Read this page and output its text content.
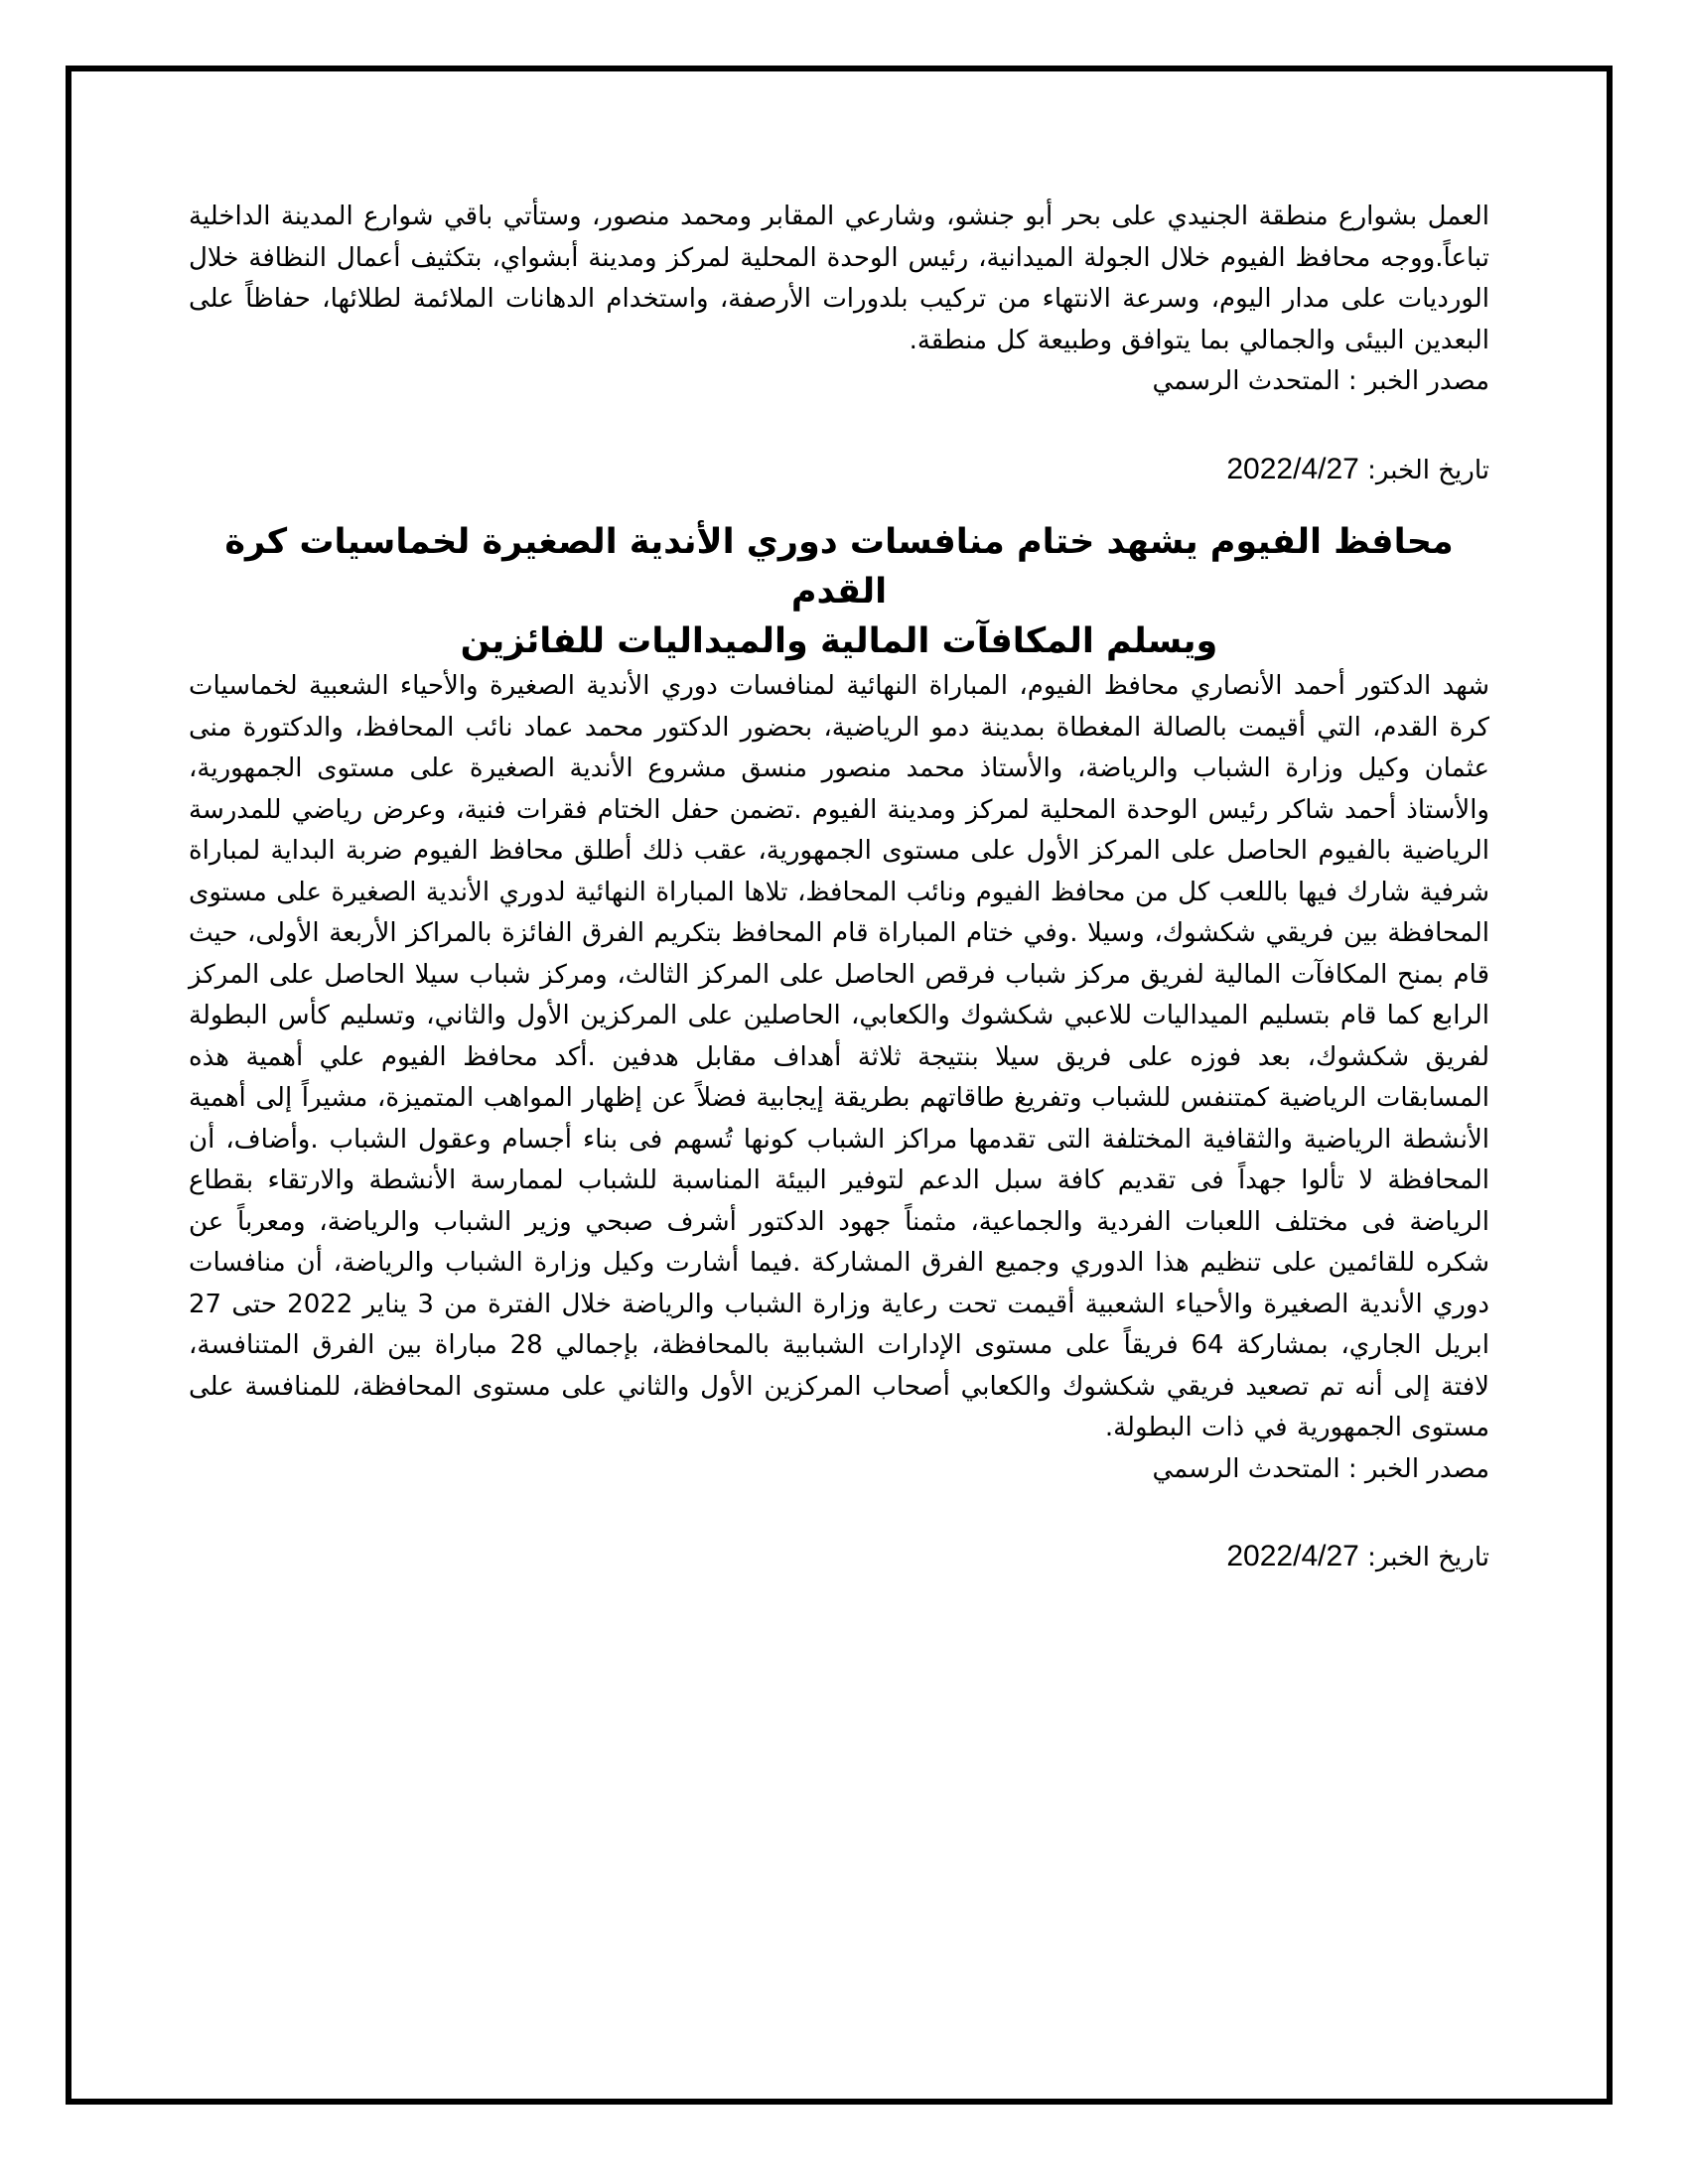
العمل بشوارع منطقة الجنيدي على بحر أبو جنشو، وشارعي المقابر ومحمد منصور، وستأتي باقي شوارع المدينة الداخلية تباعاً.ووجه محافظ الفيوم خلال الجولة الميدانية، رئيس الوحدة المحلية لمركز ومدينة أبشواي، بتكثيف أعمال النظافة خلال الورديات على مدار اليوم، وسرعة الانتهاء من تركيب بلدورات الأرصفة، واستخدام الدهانات الملائمة لطلائها، حفاظاً على البعدين البيئى والجمالي بما يتوافق وطبيعة كل منطقة.

مصدر الخبر : المتحدث الرسمي

تاريخ الخبر: 2022/4/27

محافظ الفيوم يشهد ختام منافسات دوري الأندية الصغيرة لخماسيات كرة القدم
ويسلم المكافآت المالية والميداليات للفائزين

شهد الدكتور أحمد الأنصاري محافظ الفيوم، المباراة النهائية لمنافسات دوري الأندية الصغيرة والأحياء الشعبية لخماسيات كرة القدم، التي أقيمت بالصالة المغطاة بمدينة دمو الرياضية، بحضور الدكتور محمد عماد نائب المحافظ، والدكتورة منى عثمان وكيل وزارة الشباب والرياضة، والأستاذ محمد منصور منسق مشروع الأندية الصغيرة على مستوى الجمهورية، والأستاذ أحمد شاكر رئيس الوحدة المحلية لمركز ومدينة الفيوم .تضمن حفل الختام فقرات فنية، وعرض رياضي للمدرسة الرياضية بالفيوم الحاصل على المركز الأول على مستوى الجمهورية، عقب ذلك أطلق محافظ الفيوم ضربة البداية لمباراة شرفية شارك فيها باللعب كل من محافظ الفيوم ونائب المحافظ، تلاها المباراة النهائية لدوري الأندية الصغيرة على مستوى المحافظة بين فريقي شكشوك، وسيلا .وفي ختام المباراة قام المحافظ بتكريم الفرق الفائزة بالمراكز الأربعة الأولى، حيث قام بمنح المكافآت المالية لفريق مركز شباب فرقص الحاصل على المركز الثالث، ومركز شباب سيلا الحاصل على المركز الرابع كما قام بتسليم الميداليات للاعبي شكشوك والكعابي، الحاصلين على المركزين الأول والثاني، وتسليم كأس البطولة لفريق شكشوك، بعد فوزه على فريق سيلا بنتيجة ثلاثة أهداف مقابل هدفين .أكد محافظ الفيوم علي أهمية هذه المسابقات الرياضية كمتنفس للشباب وتفريغ طاقاتهم بطريقة إيجابية فضلاً عن إظهار المواهب المتميزة، مشيراً إلى أهمية الأنشطة الرياضية والثقافية المختلفة التى تقدمها مراكز الشباب كونها تُسهم فى بناء أجسام وعقول الشباب .وأضاف، أن المحافظة لا تألوا جهداً فى تقديم كافة سبل الدعم لتوفير البيئة المناسبة للشباب لممارسة الأنشطة والارتقاء بقطاع الرياضة فى مختلف اللعبات الفردية والجماعية، مثمناً جهود الدكتور أشرف صبحي وزير الشباب والرياضة، ومعرباً عن شكره للقائمين على تنظيم هذا الدوري وجميع الفرق المشاركة .فيما أشارت وكيل وزارة الشباب والرياضة، أن منافسات دوري الأندية الصغيرة والأحياء الشعبية أقيمت تحت رعاية وزارة الشباب والرياضة خلال الفترة من 3 يناير 2022 حتى 27 ابريل الجاري، بمشاركة 64 فريقاً على مستوى الإدارات الشبابية بالمحافظة، بإجمالي 28 مباراة بين الفرق المتنافسة، لافتة إلى أنه تم تصعيد فريقي شكشوك والكعابي أصحاب المركزين الأول والثاني على مستوى المحافظة، للمنافسة على مستوى الجمهورية في ذات البطولة.

مصدر الخبر : المتحدث الرسمي

تاريخ الخبر: 2022/4/27
